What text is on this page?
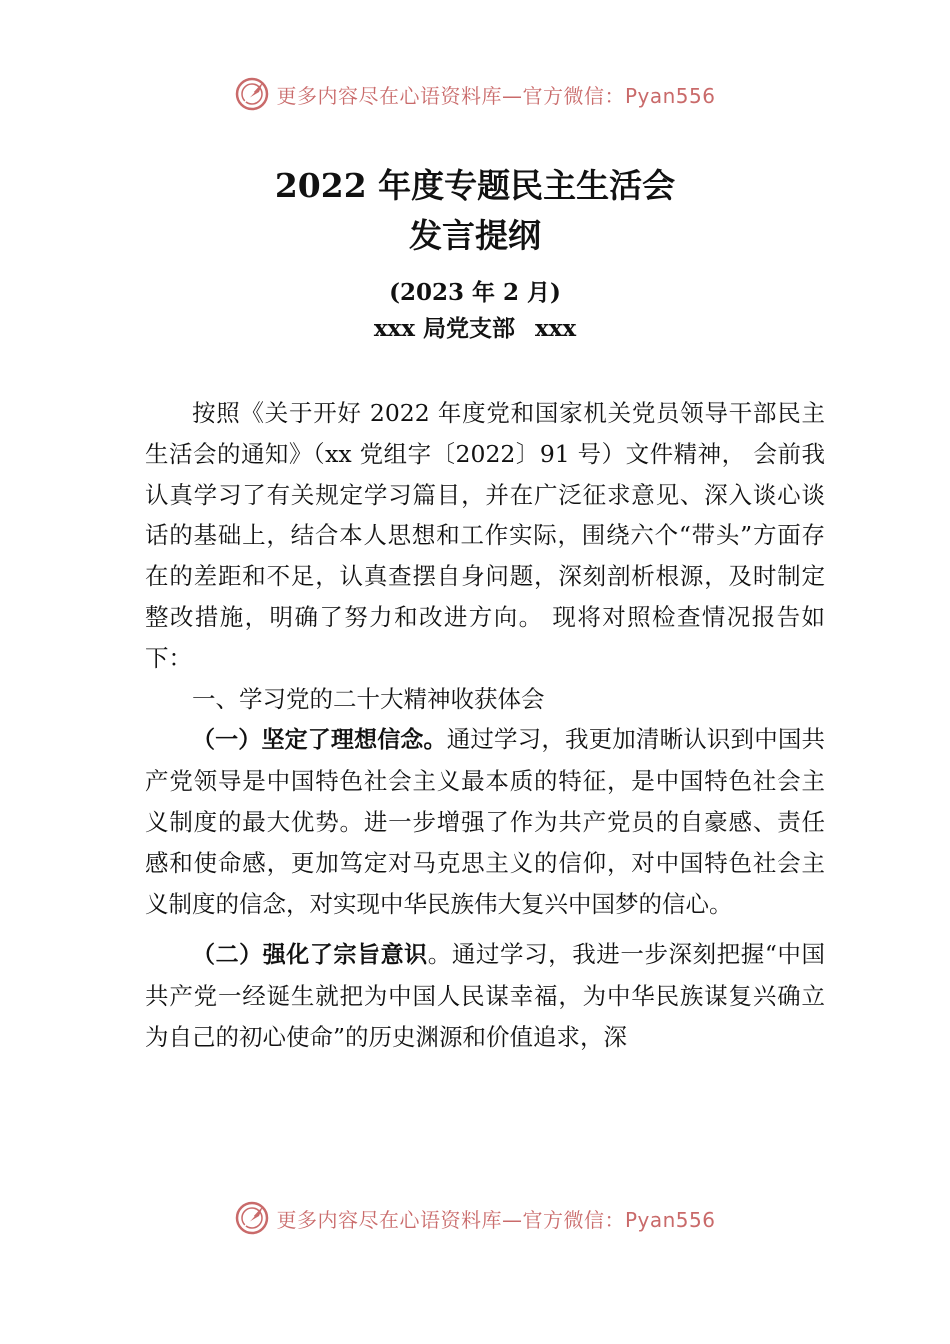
更多内容尽在心语资料库—官方微信：Pyan556
2022 年度专题民主生活会
发言提纲
(2023 年 2 月)
xxx 局党支部 xxx

按照《关于开好 2022 年度党和国家机关党员领导干部民主生活会的通知》（xx 党组字〔2022〕91 号）文件精神， 会前我认真学习了有关规定学习篇目，并在广泛征求意见、深入谈心谈话的基础上，结合本人思想和工作实际，围绕六个“带头”方面存在的差距和不足，认真查摆自身问题，深刻剖析根源，及时制定整改措施，明确了努力和改进方向。 现将对照检查情况报告如下：

一、学习党的二十大精神收获体会

（一）坚定了理想信念。通过学习，我更加清晰认识到中国共产党领导是中国特色社会主义最本质的特征，是中国特色社会主义制度的最大优势。进一步增强了作为共产党员的自豪感、责任感和使命感，更加笃定对马克思主义的信仰，对中国特色社会主义制度的信念，对实现中华民族伟大复兴中国梦的信心。

（二）强化了宗旨意识。通过学习，我进一步深刻把握“中国共产党一经诞生就把为中国人民谋幸福，为中华民族谋复兴确立为自己的初心使命”的历史渊源和价值追求，深

更多内容尽在心语资料库—官方微信：Pyan556
